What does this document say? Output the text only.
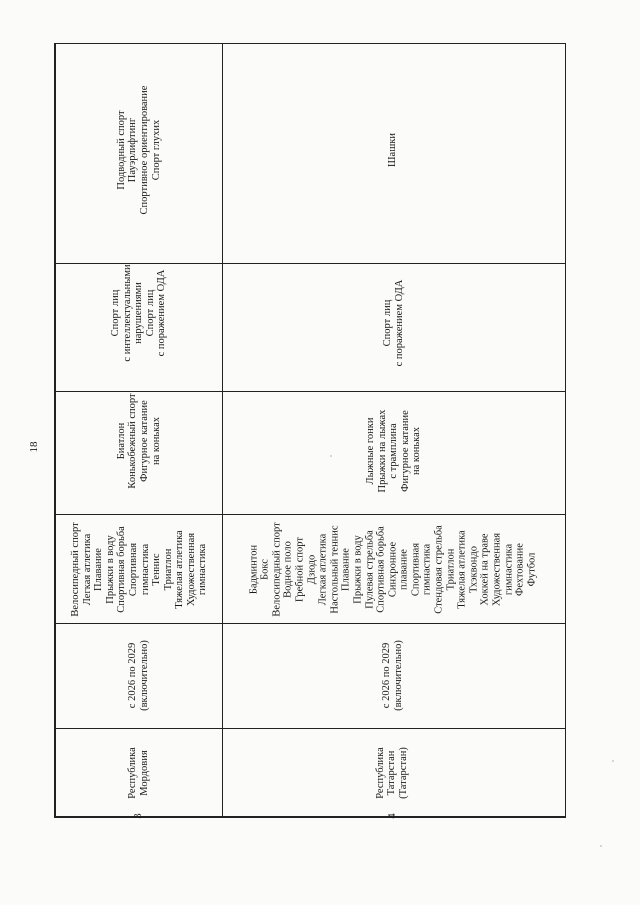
18
3
Республика Мордовия
с 2026 по 2029 (включительно)
Велосипедный спорт Легкая атлетика Плавание Прыжки в воду Спортивная борьба Спортивная гимнастика Теннис Триатлон Тяжелая атлетика Художественная гимнастика
Биатлон Конькобежный спорт Фигурное катание на коньках
Спорт лиц с интеллектуальными нарушениями Спорт лиц с поражением ОДА
Подводный спорт Пауэрлифтинг Спортивное ориентирование Спорт глухих
4
Республика Татарстан (Татарстан)
с 2026 по 2029 (включительно)
Бадминтон Бокс Велосипедный спорт Водное поло Гребной спорт Дзюдо Легкая атлетика Настольный теннис Плавание Прыжки в воду Пулевая стрельба Спортивная борьба Синхронное плавание Спортивная гимнастика Стендовая стрельба Триатлон Тяжелая атлетика Тхэквондо Хоккей на траве Художественная гимнастика Фехтование Футбол
Лыжные гонки Прыжки на лыжах с трамплина Фигурное катание на коньках
Спорт лиц с поражением ОДА
Шашки
